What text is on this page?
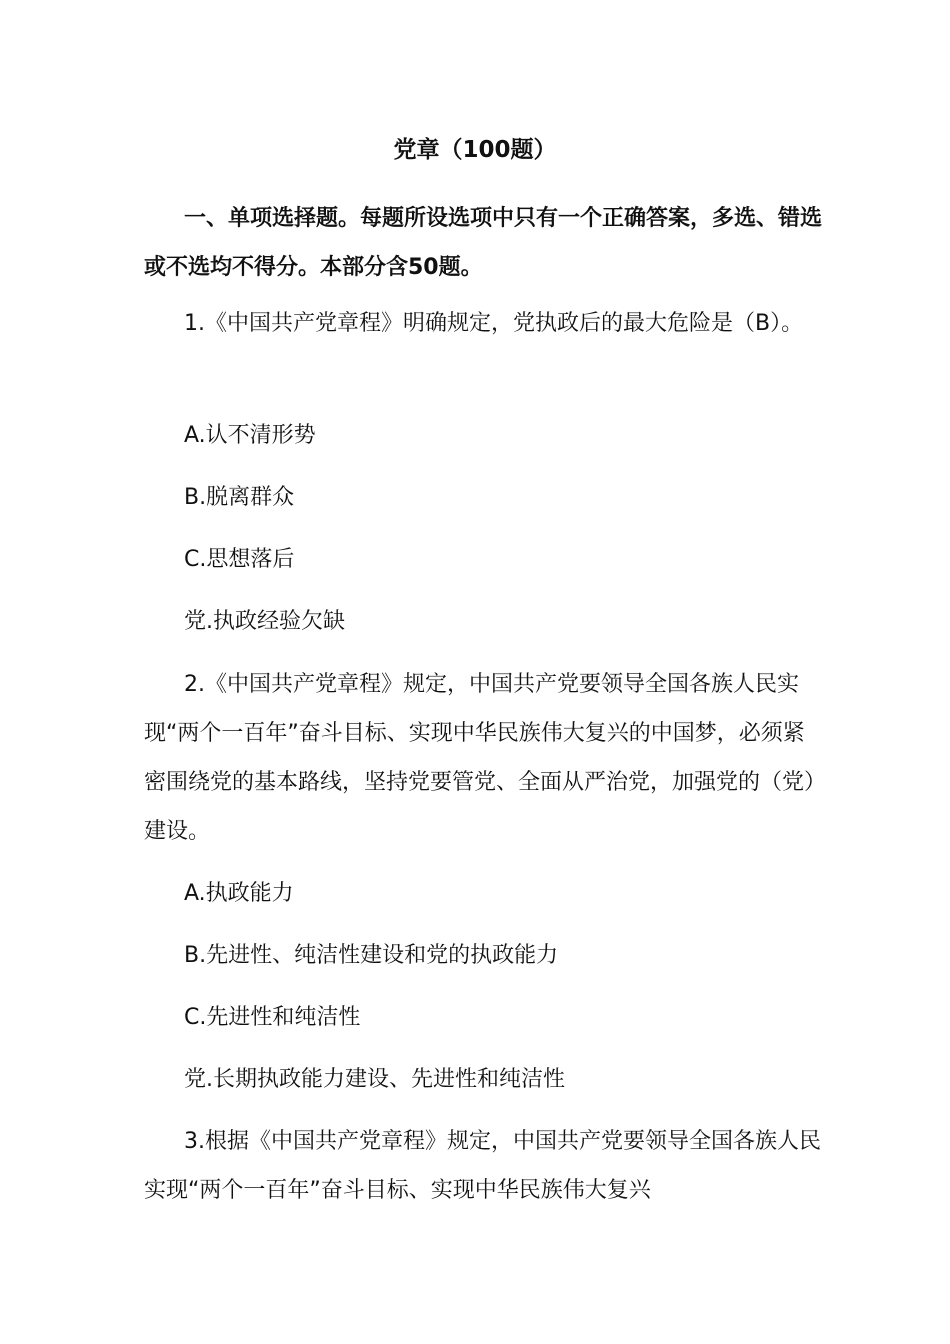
党章（100题）

一、单项选择题。每题所设选项中只有一个正确答案，多选、错选或不选均不得分。本部分含50题。

1.《中国共产党章程》明确规定，党执政后的最大危险是（B）。

A.认不清形势

B.脱离群众

C.思想落后

党.执政经验欠缺

2.《中国共产党章程》规定，中国共产党要领导全国各族人民实现“两个一百年”奋斗目标、实现中华民族伟大复兴的中国梦，必须紧密围绕党的基本路线，坚持党要管党、全面从严治党，加强党的（党）建设。

A.执政能力

B.先进性、纯洁性建设和党的执政能力

C.先进性和纯洁性

党.长期执政能力建设、先进性和纯洁性

3.根据《中国共产党章程》规定，中国共产党要领导全国各族人民实现“两个一百年”奋斗目标、实现中华民族伟大复兴
